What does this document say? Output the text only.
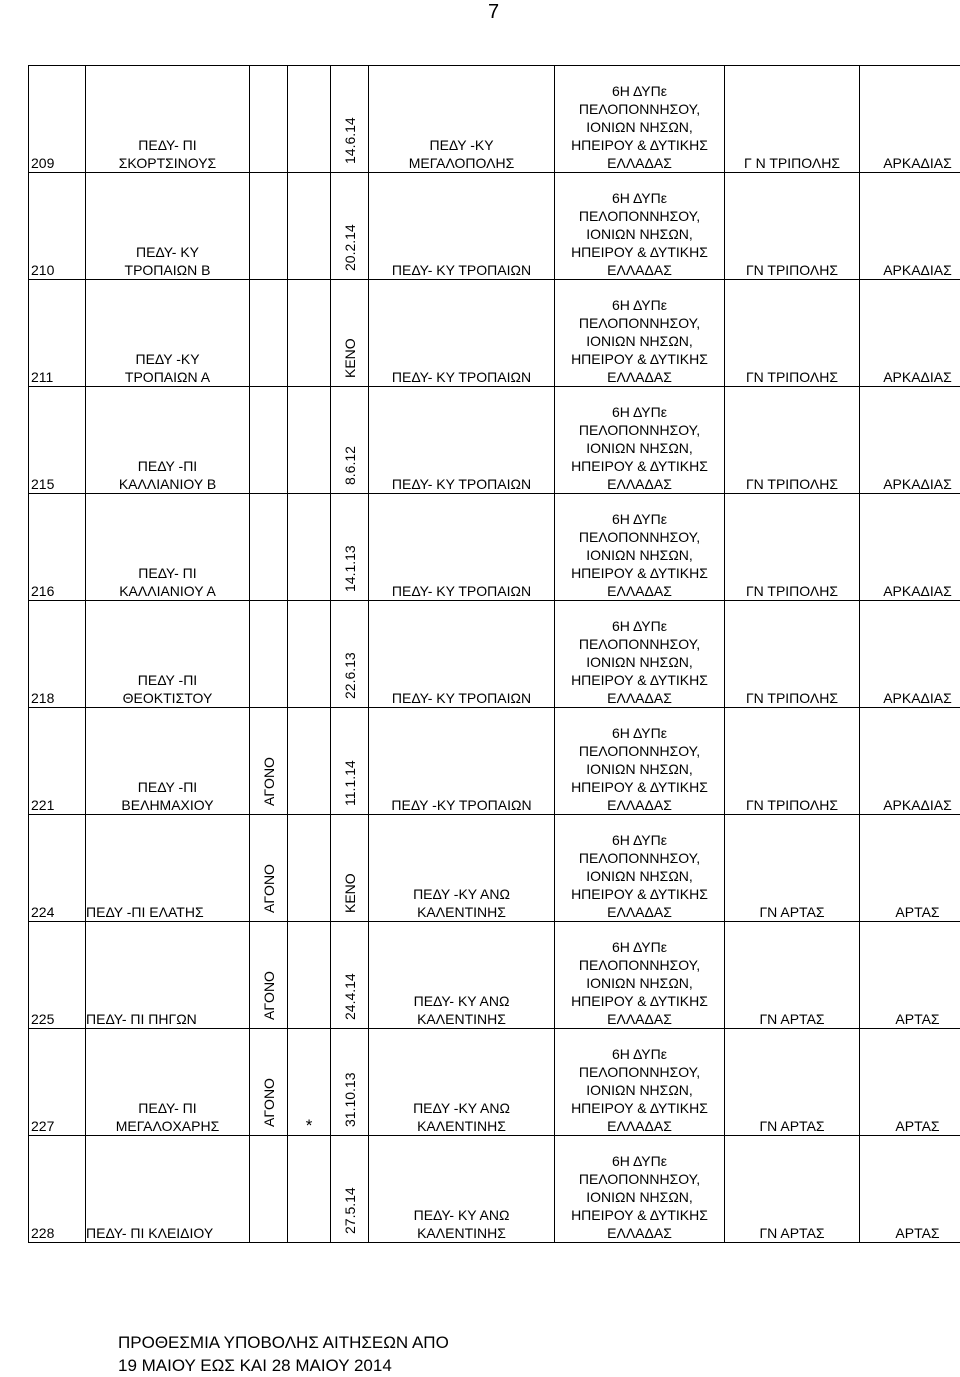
7
209	ΠΕΔΥ- ΠΙ
ΣΚΟΡΤΣΙΝΟΥΣ			14.6.14	ΠΕΔΥ -ΚΥ
ΜΕΓΑΛΟΠΟΛΗΣ	6Η ΔΥΠε
ΠΕΛΟΠΟΝΝΗΣΟΥ,
ΙΟΝΙΩΝ ΝΗΣΩΝ,
ΗΠΕΙΡΟΥ & ΔΥΤΙΚΗΣ
ΕΛΛΑΔΑΣ	Γ Ν ΤΡΙΠΟΛΗΣ	ΑΡΚΑΔΙΑΣ
210	ΠΕΔΥ- ΚΥ
ΤΡΟΠΑΙΩΝ Β			20.2.14	ΠΕΔΥ- ΚΥ ΤΡΟΠΑΙΩΝ	6Η ΔΥΠε
ΠΕΛΟΠΟΝΝΗΣΟΥ,
ΙΟΝΙΩΝ ΝΗΣΩΝ,
ΗΠΕΙΡΟΥ & ΔΥΤΙΚΗΣ
ΕΛΛΑΔΑΣ	ΓΝ ΤΡΙΠΟΛΗΣ	ΑΡΚΑΔΙΑΣ
211	ΠΕΔΥ -ΚΥ
ΤΡΟΠΑΙΩΝ Α			ΚΕΝΟ	ΠΕΔΥ- ΚΥ ΤΡΟΠΑΙΩΝ	6Η ΔΥΠε
ΠΕΛΟΠΟΝΝΗΣΟΥ,
ΙΟΝΙΩΝ ΝΗΣΩΝ,
ΗΠΕΙΡΟΥ & ΔΥΤΙΚΗΣ
ΕΛΛΑΔΑΣ	ΓΝ ΤΡΙΠΟΛΗΣ	ΑΡΚΑΔΙΑΣ
215	ΠΕΔΥ -ΠΙ
ΚΑΛΛΙΑΝΙΟΥ Β			8.6.12	ΠΕΔΥ- ΚΥ ΤΡΟΠΑΙΩΝ	6Η ΔΥΠε
ΠΕΛΟΠΟΝΝΗΣΟΥ,
ΙΟΝΙΩΝ ΝΗΣΩΝ,
ΗΠΕΙΡΟΥ & ΔΥΤΙΚΗΣ
ΕΛΛΑΔΑΣ	ΓΝ ΤΡΙΠΟΛΗΣ	ΑΡΚΑΔΙΑΣ
216	ΠΕΔΥ- ΠΙ
ΚΑΛΛΙΑΝΙΟΥ Α			14.1.13	ΠΕΔΥ- ΚΥ ΤΡΟΠΑΙΩΝ	6Η ΔΥΠε
ΠΕΛΟΠΟΝΝΗΣΟΥ,
ΙΟΝΙΩΝ ΝΗΣΩΝ,
ΗΠΕΙΡΟΥ & ΔΥΤΙΚΗΣ
ΕΛΛΑΔΑΣ	ΓΝ ΤΡΙΠΟΛΗΣ	ΑΡΚΑΔΙΑΣ
218	ΠΕΔΥ -ΠΙ
ΘΕΟΚΤΙΣΤΟΥ			22.6.13	ΠΕΔΥ- ΚΥ ΤΡΟΠΑΙΩΝ	6Η ΔΥΠε
ΠΕΛΟΠΟΝΝΗΣΟΥ,
ΙΟΝΙΩΝ ΝΗΣΩΝ,
ΗΠΕΙΡΟΥ & ΔΥΤΙΚΗΣ
ΕΛΛΑΔΑΣ	ΓΝ ΤΡΙΠΟΛΗΣ	ΑΡΚΑΔΙΑΣ
221	ΠΕΔΥ -ΠΙ
ΒΕΛΗΜΑΧΙΟΥ	ΑΓΟΝΟ		11.1.14	ΠΕΔΥ -ΚΥ ΤΡΟΠΑΙΩΝ	6Η ΔΥΠε
ΠΕΛΟΠΟΝΝΗΣΟΥ,
ΙΟΝΙΩΝ ΝΗΣΩΝ,
ΗΠΕΙΡΟΥ & ΔΥΤΙΚΗΣ
ΕΛΛΑΔΑΣ	ΓΝ ΤΡΙΠΟΛΗΣ	ΑΡΚΑΔΙΑΣ
224	ΠΕΔΥ -ΠΙ ΕΛΑΤΗΣ	ΑΓΟΝΟ		ΚΕΝΟ	ΠΕΔΥ -ΚΥ ΑΝΩ
ΚΑΛΕΝΤΙΝΗΣ	6Η ΔΥΠε
ΠΕΛΟΠΟΝΝΗΣΟΥ,
ΙΟΝΙΩΝ ΝΗΣΩΝ,
ΗΠΕΙΡΟΥ & ΔΥΤΙΚΗΣ
ΕΛΛΑΔΑΣ	ΓΝ ΑΡΤΑΣ	ΑΡΤΑΣ
225	ΠΕΔΥ- ΠΙ ΠΗΓΩΝ	ΑΓΟΝΟ		24.4.14	ΠΕΔΥ- ΚΥ ΑΝΩ
ΚΑΛΕΝΤΙΝΗΣ	6Η ΔΥΠε
ΠΕΛΟΠΟΝΝΗΣΟΥ,
ΙΟΝΙΩΝ ΝΗΣΩΝ,
ΗΠΕΙΡΟΥ & ΔΥΤΙΚΗΣ
ΕΛΛΑΔΑΣ	ΓΝ ΑΡΤΑΣ	ΑΡΤΑΣ
227	ΠΕΔΥ- ΠΙ
ΜΕΓΑΛΟΧΑΡΗΣ	ΑΓΟΝΟ	*	31.10.13	ΠΕΔΥ -ΚΥ ΑΝΩ
ΚΑΛΕΝΤΙΝΗΣ	6Η ΔΥΠε
ΠΕΛΟΠΟΝΝΗΣΟΥ,
ΙΟΝΙΩΝ ΝΗΣΩΝ,
ΗΠΕΙΡΟΥ & ΔΥΤΙΚΗΣ
ΕΛΛΑΔΑΣ	ΓΝ ΑΡΤΑΣ	ΑΡΤΑΣ
228	ΠΕΔΥ- ΠΙ ΚΛΕΙΔΙΟΥ			27.5.14	ΠΕΔΥ- ΚΥ ΑΝΩ
ΚΑΛΕΝΤΙΝΗΣ	6Η ΔΥΠε
ΠΕΛΟΠΟΝΝΗΣΟΥ,
ΙΟΝΙΩΝ ΝΗΣΩΝ,
ΗΠΕΙΡΟΥ & ΔΥΤΙΚΗΣ
ΕΛΛΑΔΑΣ	ΓΝ ΑΡΤΑΣ	ΑΡΤΑΣ
ΠΡΟΘΕΣΜΙΑ ΥΠΟΒΟΛΗΣ ΑΙΤΗΣΕΩΝ ΑΠΟ
19 ΜΑΙΟΥ ΕΩΣ ΚΑΙ 28 ΜΑΙΟΥ 2014
